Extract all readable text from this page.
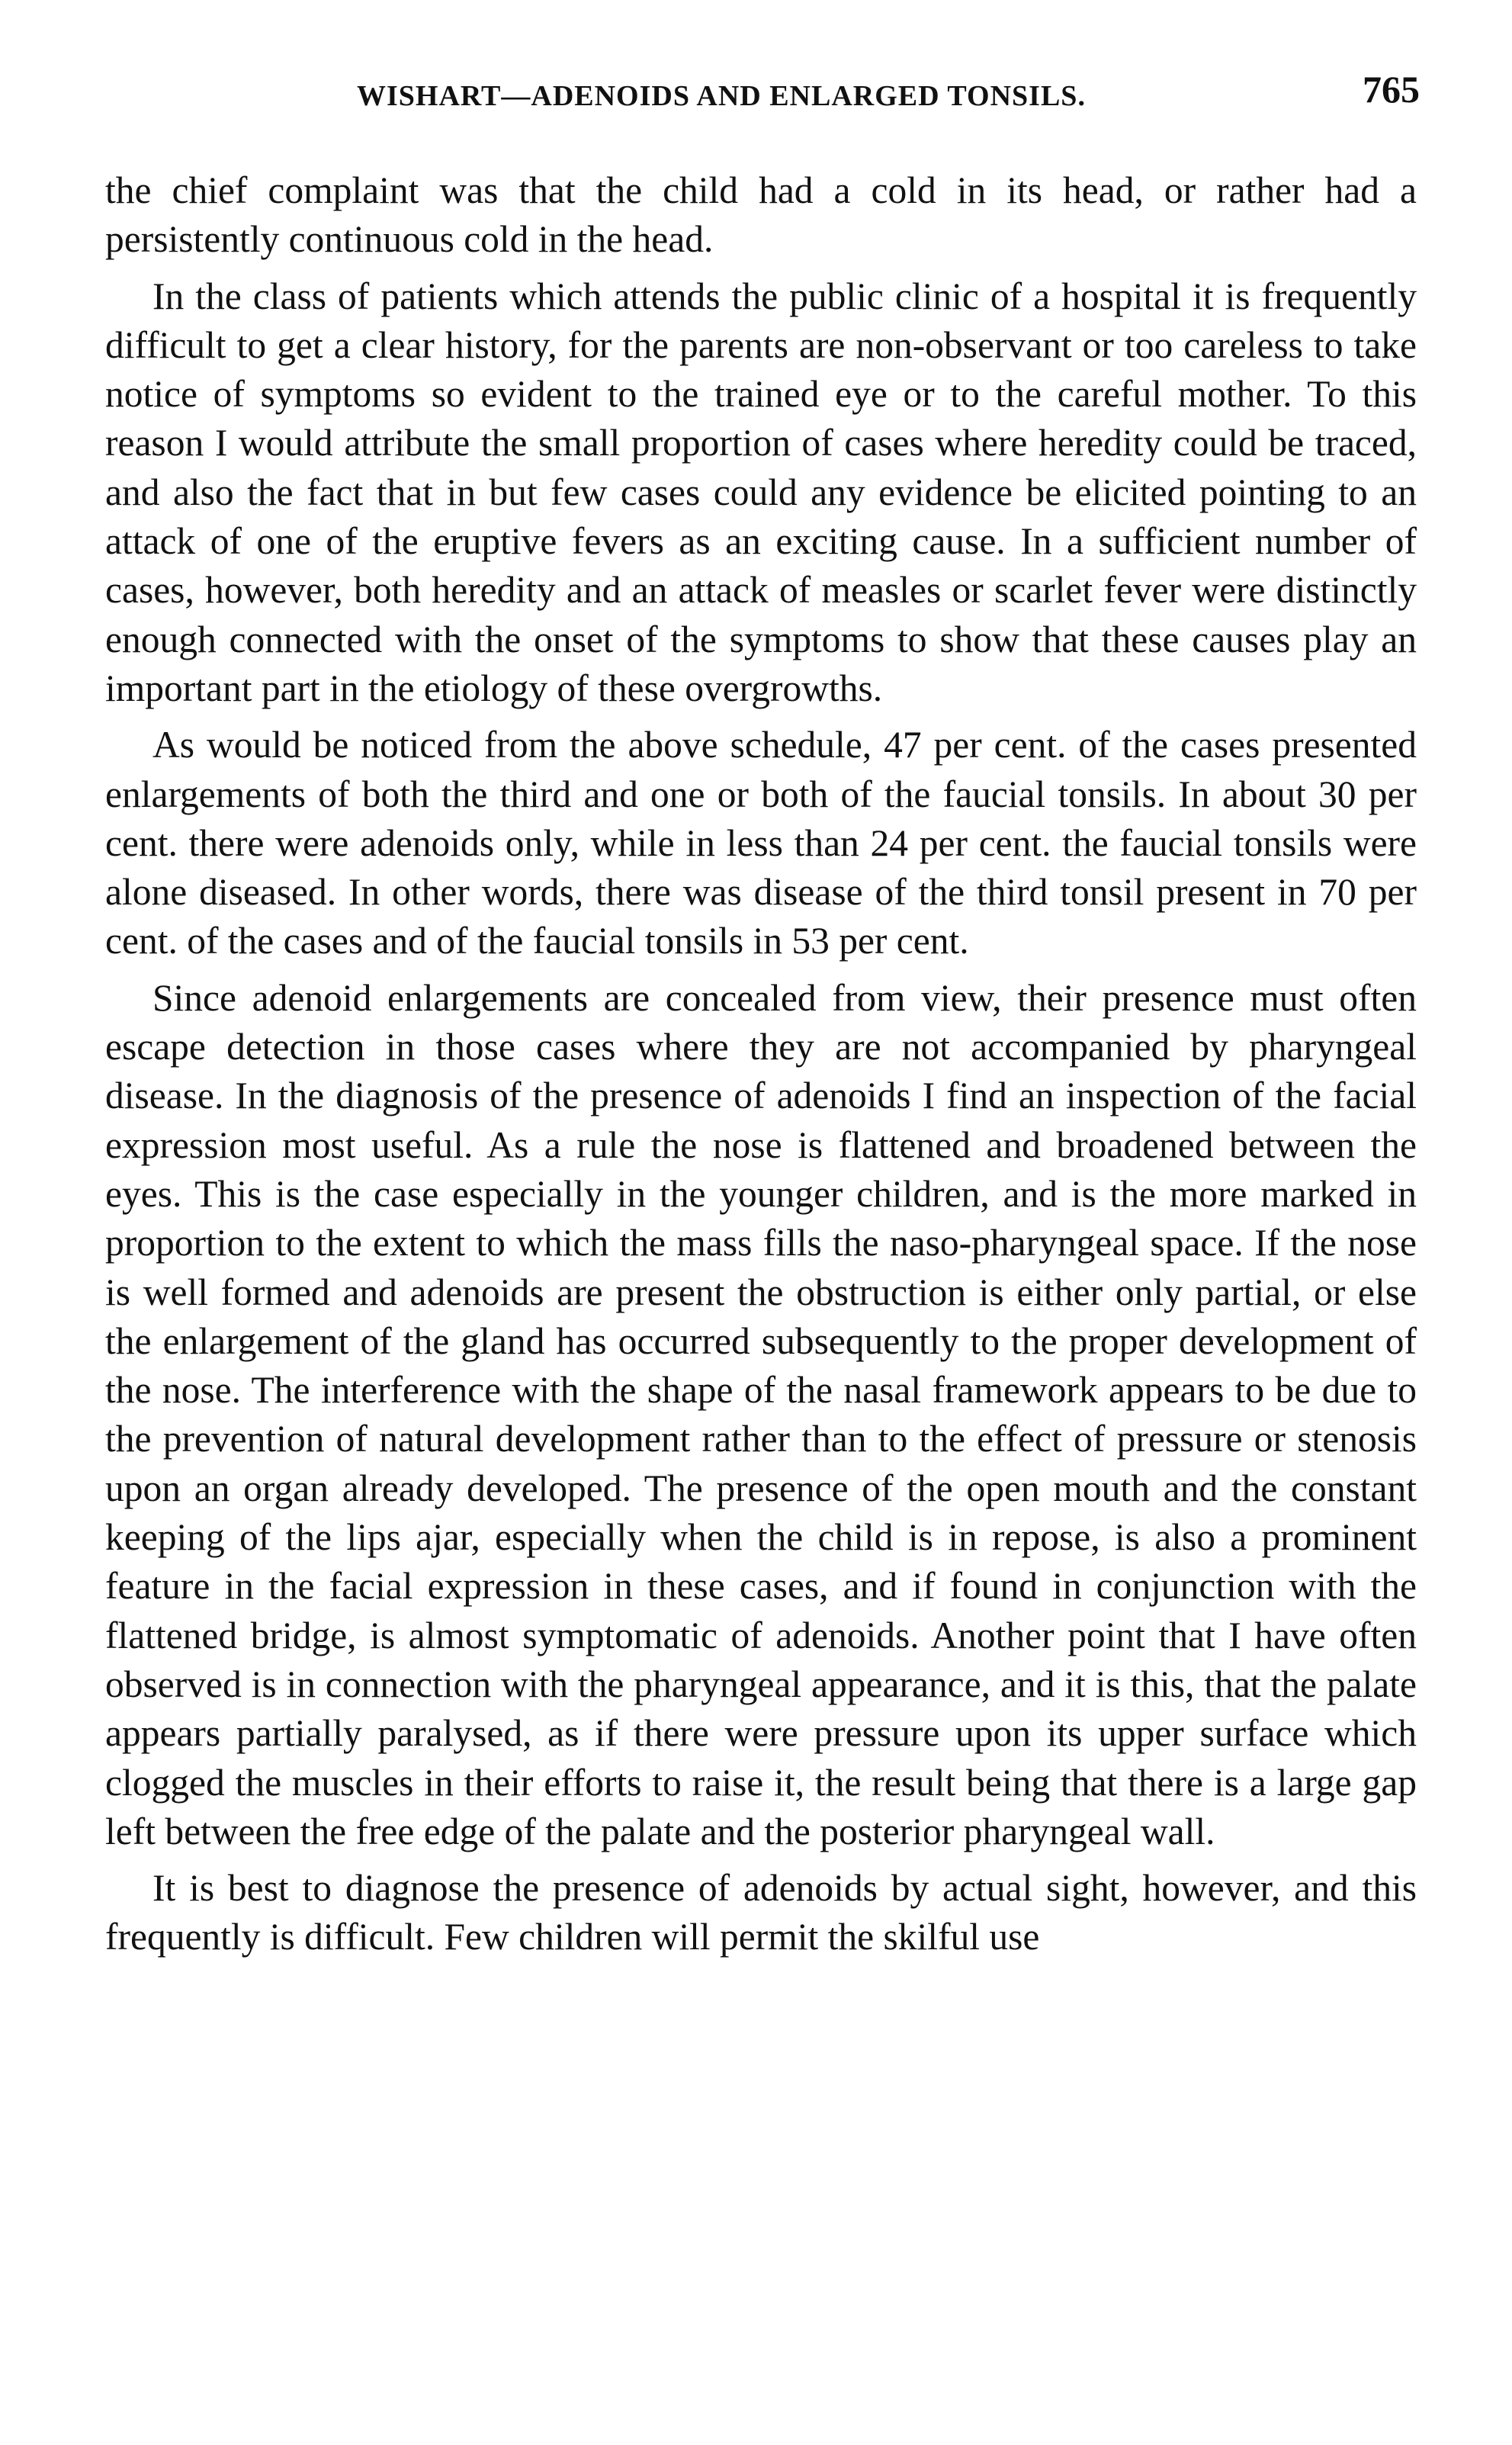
WISHART—ADENOIDS AND ENLARGED TONSILS.	765

the chief complaint was that the child had a cold in its head, or rather had a persistently continuous cold in the head.

In the class of patients which attends the public clinic of a hospital it is frequently difficult to get a clear history, for the parents are non-observant or too careless to take notice of symptoms so evident to the trained eye or to the careful mother. To this reason I would attribute the small proportion of cases where heredity could be traced, and also the fact that in but few cases could any evidence be elicited pointing to an attack of one of the eruptive fevers as an exciting cause. In a sufficient number of cases, however, both heredity and an attack of measles or scarlet fever were distinctly enough connected with the onset of the symptoms to show that these causes play an important part in the etiology of these overgrowths.

As would be noticed from the above schedule, 47 per cent. of the cases presented enlargements of both the third and one or both of the faucial tonsils. In about 30 per cent. there were adenoids only, while in less than 24 per cent. the faucial tonsils were alone diseased. In other words, there was disease of the third tonsil present in 70 per cent. of the cases and of the faucial tonsils in 53 per cent.

Since adenoid enlargements are concealed from view, their presence must often escape detection in those cases where they are not accompanied by pharyngeal disease. In the diagnosis of the presence of adenoids I find an inspection of the facial expression most useful. As a rule the nose is flattened and broadened between the eyes. This is the case especially in the younger children, and is the more marked in proportion to the extent to which the mass fills the naso-pharyngeal space. If the nose is well formed and adenoids are present the obstruction is either only partial, or else the enlargement of the gland has occurred subsequently to the proper development of the nose. The interference with the shape of the nasal framework appears to be due to the prevention of natural development rather than to the effect of pressure or stenosis upon an organ already developed. The presence of the open mouth and the constant keeping of the lips ajar, especially when the child is in repose, is also a prominent feature in the facial expression in these cases, and if found in conjunction with the flattened bridge, is almost symptomatic of adenoids. Another point that I have often observed is in connection with the pharyngeal appearance, and it is this, that the palate appears partially paralysed, as if there were pressure upon its upper surface which clogged the muscles in their efforts to raise it, the result being that there is a large gap left between the free edge of the palate and the posterior pharyngeal wall.

It is best to diagnose the presence of adenoids by actual sight, however, and this frequently is difficult. Few children will permit the skilful use
